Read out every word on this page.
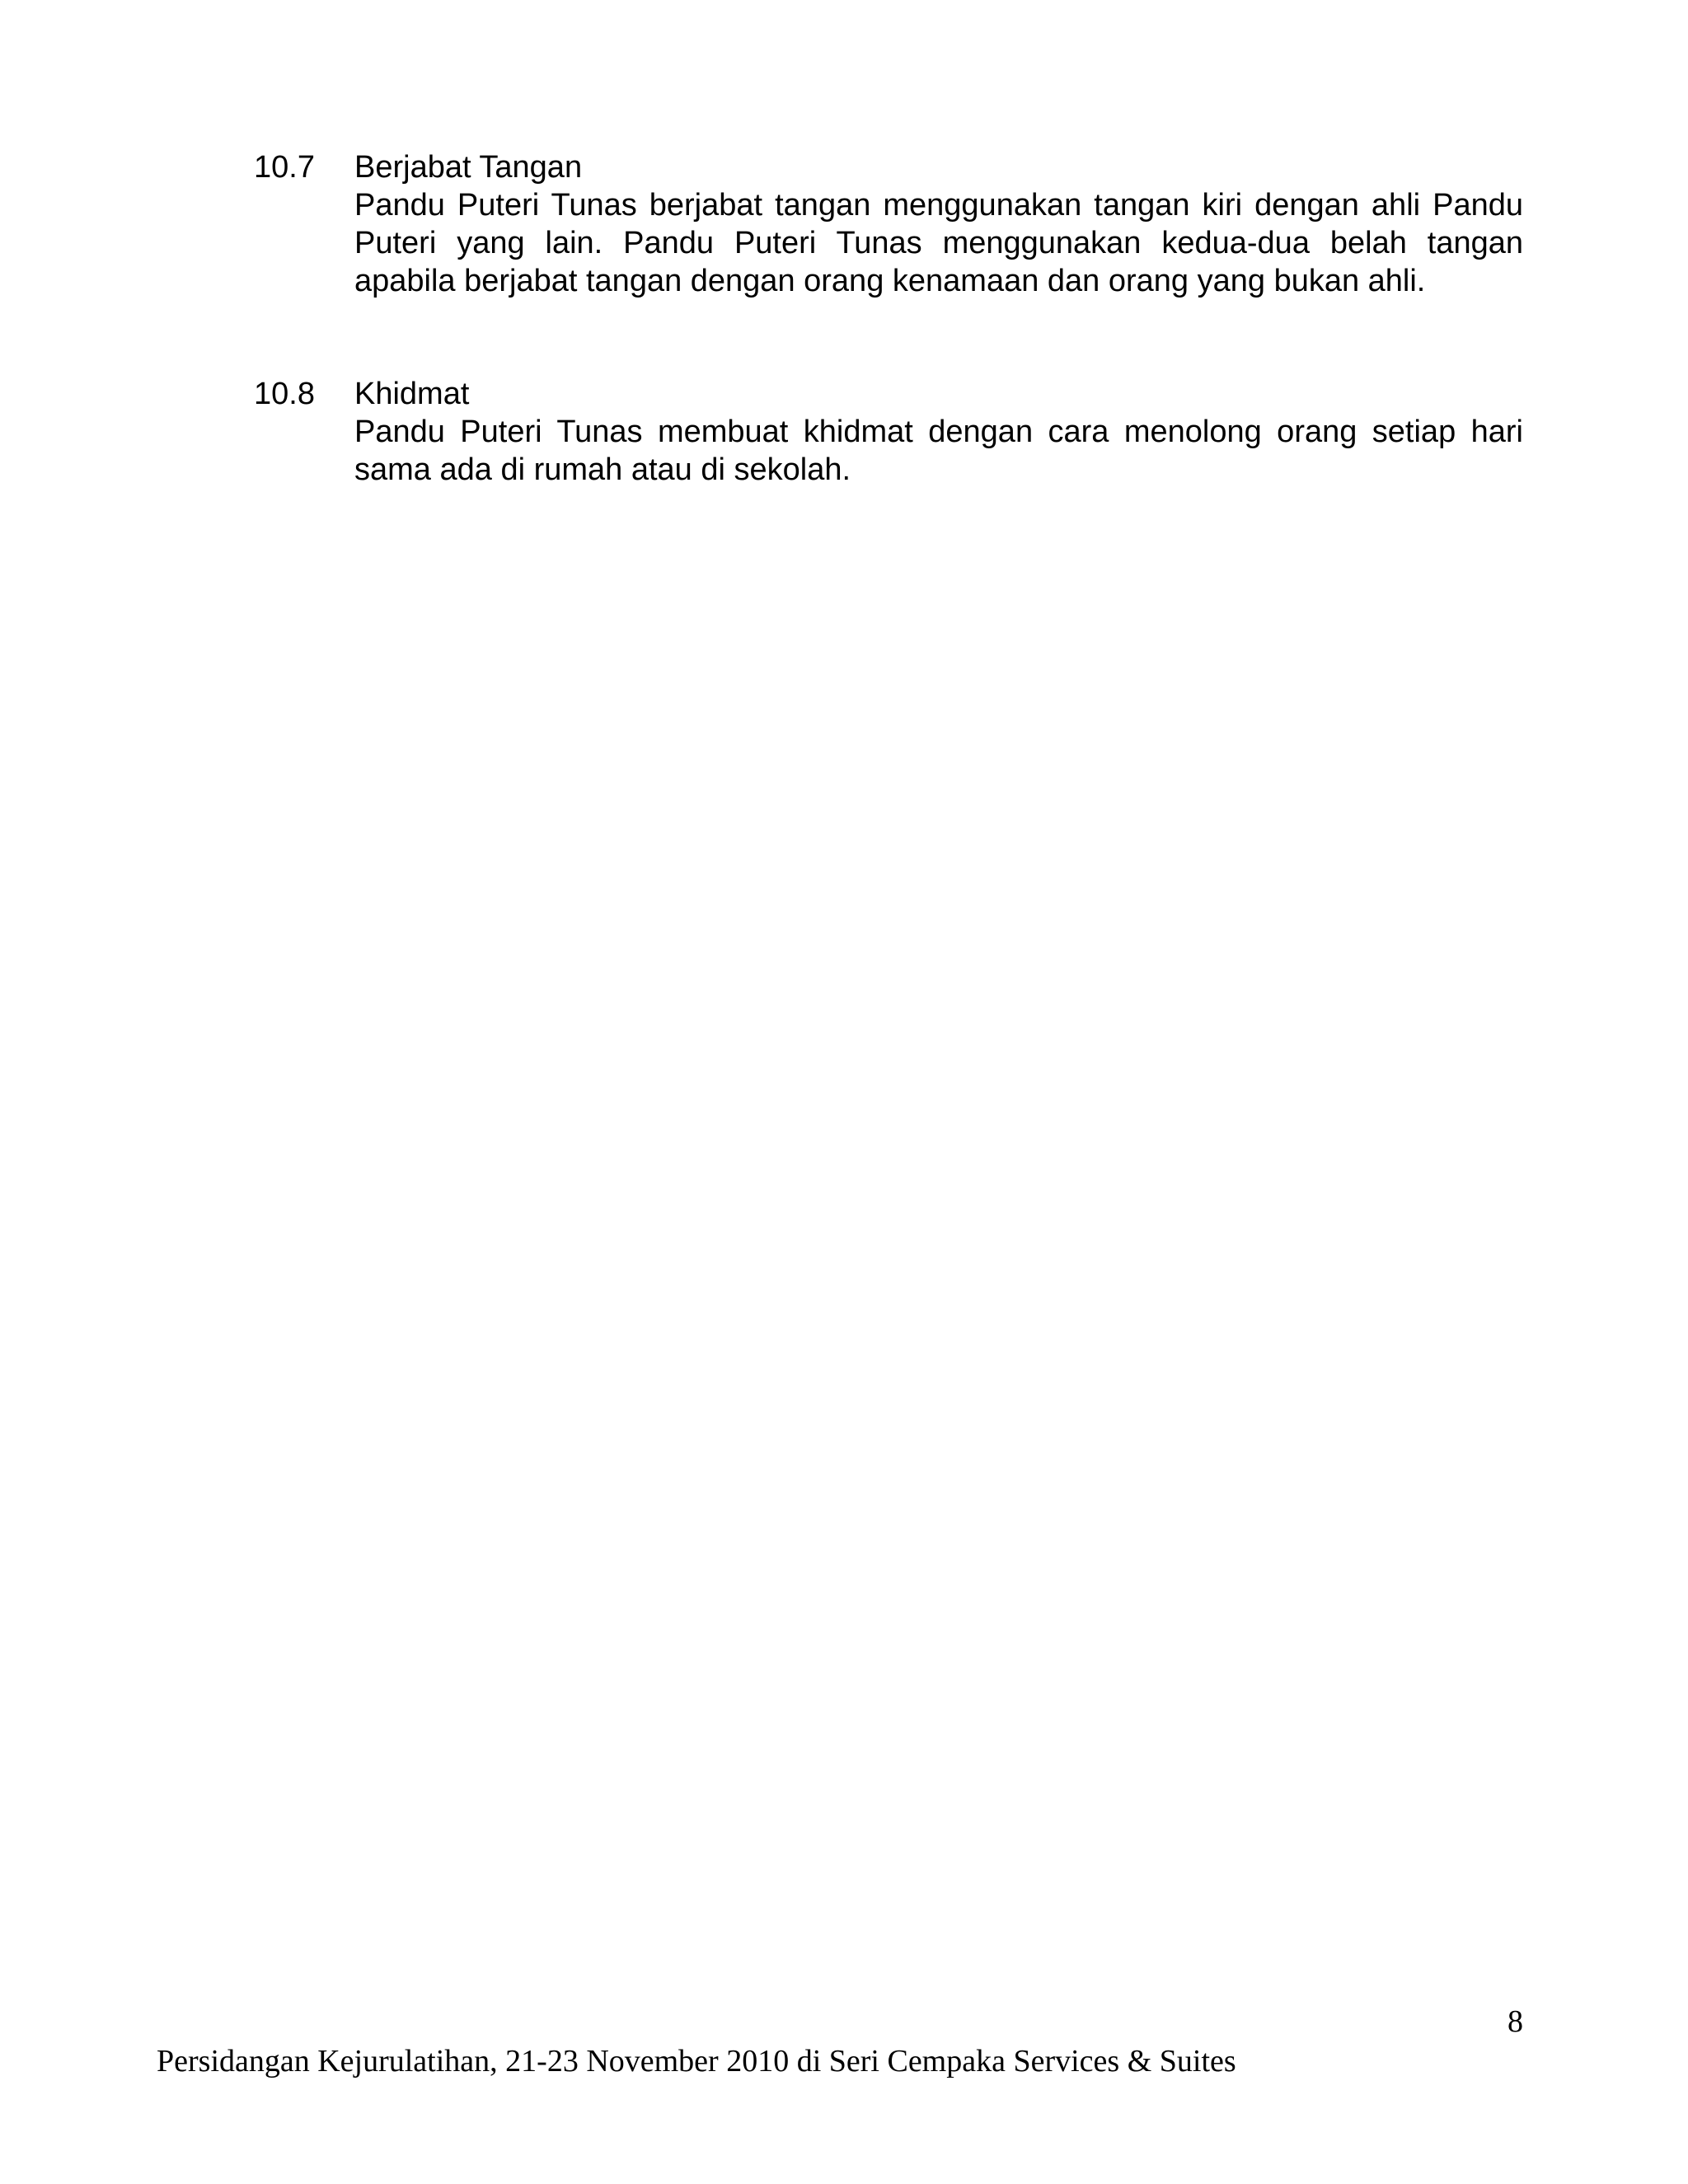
10.7	Berjabat Tangan
Pandu Puteri Tunas berjabat tangan menggunakan tangan kiri dengan ahli Pandu Puteri yang lain. Pandu Puteri Tunas menggunakan kedua-dua belah tangan apabila berjabat tangan dengan orang kenamaan dan orang yang bukan ahli.
10.8	Khidmat
Pandu Puteri Tunas membuat khidmat dengan cara menolong orang setiap hari sama ada di rumah atau di sekolah.
8
Persidangan Kejurulatihan, 21-23 November 2010 di Seri Cempaka Services & Suites
